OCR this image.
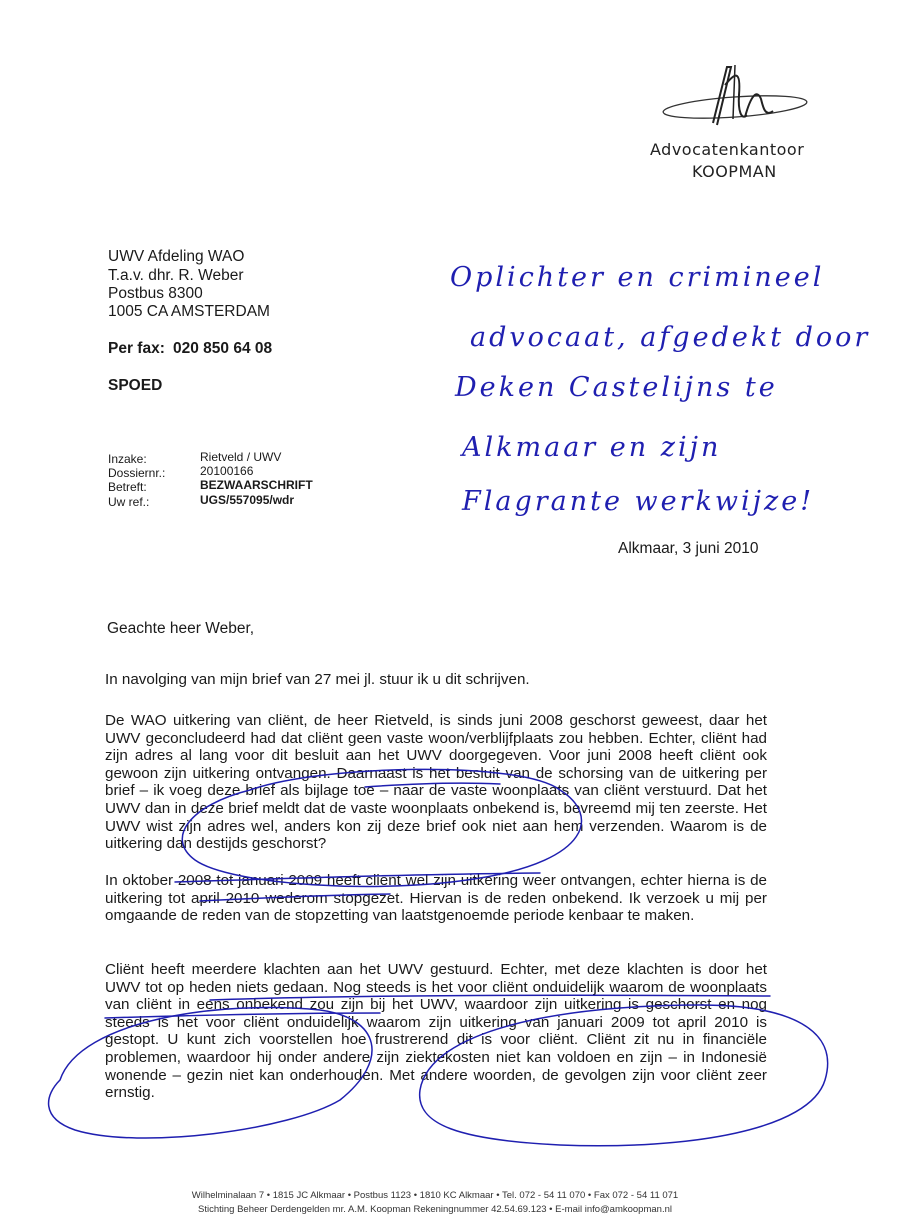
Advocatenkantoor
KOOPMAN
UWV Afdeling WAO
T.a.v. dhr. R. Weber
Postbus 8300
1005 CA AMSTERDAM
Per fax: 020 850 64 08
SPOED
Inzake:	Rietveld / UWV
Dossiernr.:	20100166
Betreft:	BEZWAARSCHRIFT
Uw ref.:	UGS/557095/wdr
Alkmaar, 3 juni 2010
Geachte heer Weber,
In navolging van mijn brief van 27 mei jl. stuur ik u dit schrijven.
De WAO uitkering van cliënt, de heer Rietveld, is sinds juni 2008 geschorst geweest, daar het UWV geconcludeerd had dat cliënt geen vaste woon/verblijfplaats zou hebben. Echter, cliënt had zijn adres al lang voor dit besluit aan het UWV doorgegeven. Voor juni 2008 heeft cliënt ook gewoon zijn uitkering ontvangen. Daarnaast is het besluit van de schorsing van de uitkering per brief – ik voeg deze brief als bijlage toe – naar de vaste woonplaats van cliënt verstuurd. Dat het UWV dan in deze brief meldt dat de vaste woonplaats onbekend is, bevreemd mij ten zeerste. Het UWV wist zijn adres wel, anders kon zij deze brief ook niet aan hem verzenden. Waarom is de uitkering dan destijds geschorst?
In oktober 2008 tot januari 2009 heeft cliënt wel zijn uitkering weer ontvangen, echter hierna is de uitkering tot april 2010 wederom stopgezet. Hiervan is de reden onbekend. Ik verzoek u mij per omgaande de reden van de stopzetting van laatstgenoemde periode kenbaar te maken.
Cliënt heeft meerdere klachten aan het UWV gestuurd. Echter, met deze klachten is door het UWV tot op heden niets gedaan. Nog steeds is het voor cliënt onduidelijk waarom de woonplaats van cliënt in eens onbekend zou zijn bij het UWV, waardoor zijn uitkering is geschorst en nog steeds is het voor cliënt onduidelijk waarom zijn uitkering van januari 2009 tot april 2010 is gestopt. U kunt zich voorstellen hoe frustrerend dit is voor cliënt. Cliënt zit nu in financiële problemen, waardoor hij onder andere zijn ziektekosten niet kan voldoen en zijn – in Indonesië wonende – gezin niet kan onderhouden. Met andere woorden, de gevolgen zijn voor cliënt zeer ernstig.
Oplichter en crimineel
advocaat, afgedekt door
Deken Castelijns te
Alkmaar en zijn
Flagrante werkwijze!
Wilhelminalaan 7 • 1815 JC Alkmaar • Postbus 1123 • 1810 KC Alkmaar • Tel. 072 - 54 11 070 • Fax 072 - 54 11 071
Stichting Beheer Derdengelden mr. A.M. Koopman Rekeningnummer 42.54.69.123 • E-mail info@amkoopman.nl
